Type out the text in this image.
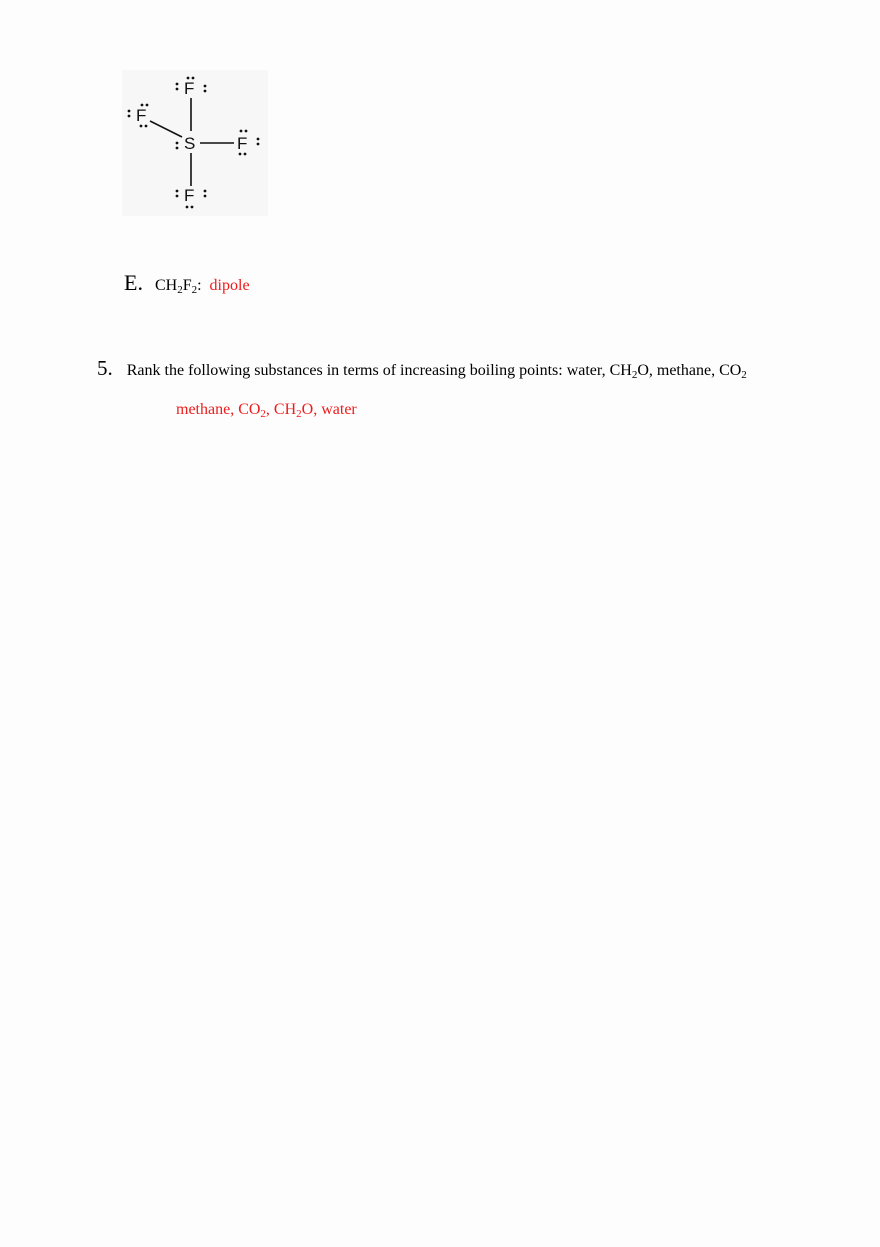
S
F
F
F
F
E. $CH_2F_2$: dipole
5. Rank the following substances in terms of increasing boiling points: water, $CH_2O$, methane, $CO_2$
methane, $CO_2$, $CH_2O$, water
